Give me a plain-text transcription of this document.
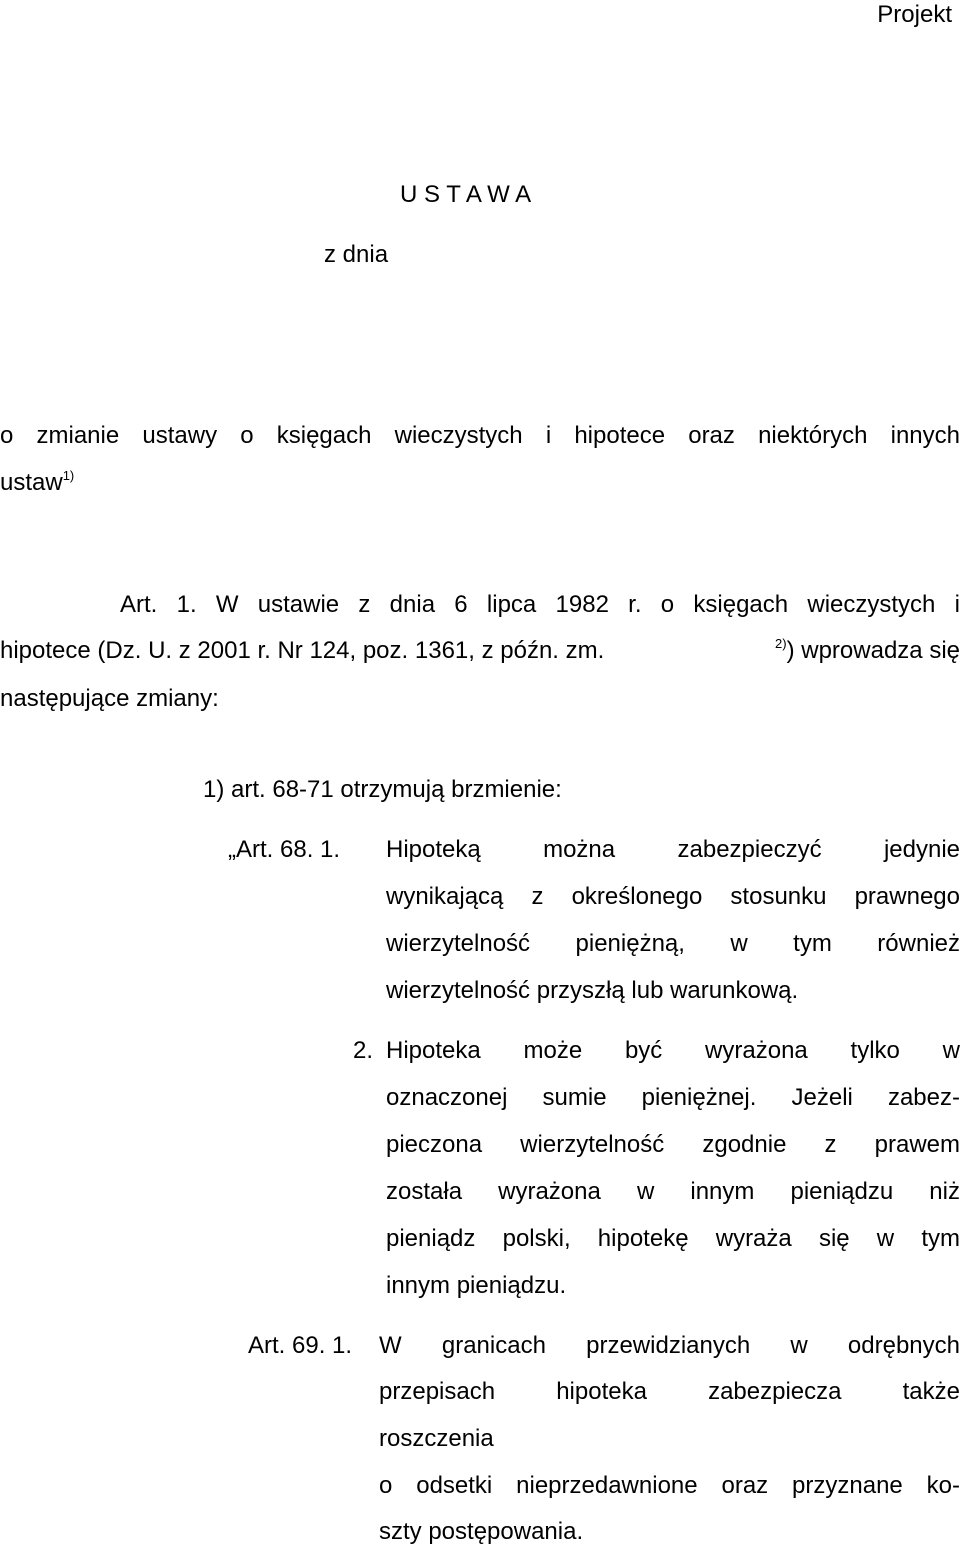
Projekt
U S T A W A
z dnia
o zmianie ustawy o księgach wieczystych i hipotece oraz niektórych innych
ustaw$^{1)}$
Art. 1. W ustawie z dnia 6 lipca 1982 r. o księgach wieczystych i
hipotece (Dz. U. z 2001 r. Nr 124, poz. 1361, z późn. zm.	$^{2)}$) wprowadza się
następujące zmiany:
1) art. 68-71 otrzymują brzmienie:
„Art. 68. 1. Hipoteką można zabezpieczyć jedynie
wynikającą z określonego stosunku prawnego
wierzytelność pieniężną, w tym również
wierzytelność przyszłą lub warunkową.
2. Hipoteka może być wyrażona tylko w
oznaczonej sumie pieniężnej. Jeżeli zabez-
pieczona wierzytelność zgodnie z prawem
została wyrażona w innym pieniądzu niż
pieniądz polski, hipotekę wyraża się w tym
innym pieniądzu.
Art. 69. 1. W granicach przewidzianych w odrębnych
przepisach hipoteka zabezpiecza także
roszczenia
o odsetki nieprzedawnione oraz przyznane ko-
szty postępowania.
